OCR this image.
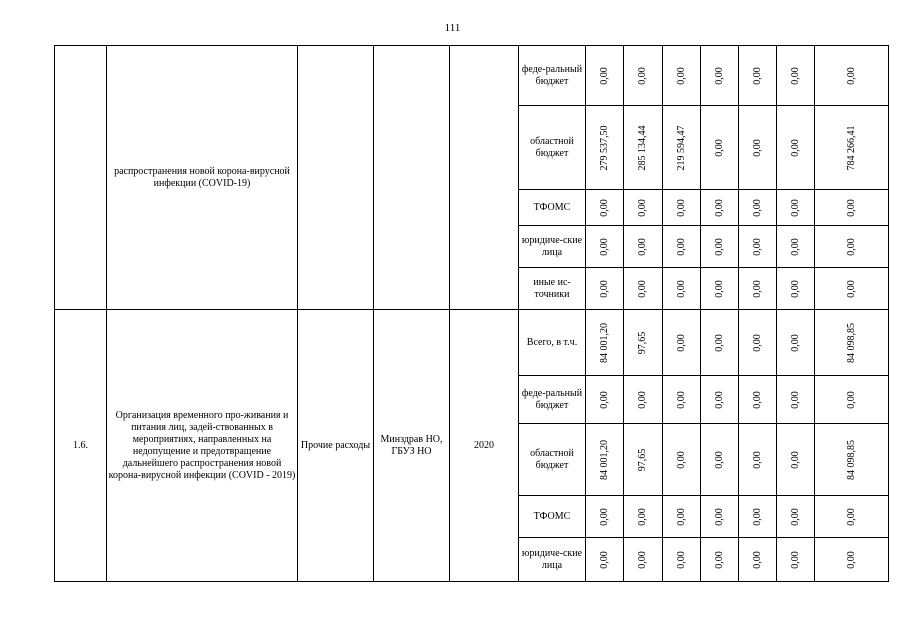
111
	распространения новой корона-вирусной инфекции (COVID-19)				феде-ральный бюджет	0,00	0,00	0,00	0,00	0,00	0,00	0,00

					областной бюджет	279 537,50	285 134,44	219 594,47	0,00	0,00	0,00	784 266,41

					ТФОМС	0,00	0,00	0,00	0,00	0,00	0,00	0,00

					юридиче-ские лица	0,00	0,00	0,00	0,00	0,00	0,00	0,00

					иные ис-точники	0,00	0,00	0,00	0,00	0,00	0,00	0,00

1.6.	Организация временного про-живания и питания лиц, задей-ствованных в мероприятиях, направленных на недопущение и предотвращение дальнейшего распространения новой корона-вирусной инфекции (COVID - 2019)	Прочие расходы	Минздрав НО, ГБУЗ НО	2020	Всего, в т.ч.	84 001,20	97,65	0,00	0,00	0,00	0,00	84 098,85

					феде-ральный бюджет	0,00	0,00	0,00	0,00	0,00	0,00	0,00

					областной бюджет	84 001,20	97,65	0,00	0,00	0,00	0,00	84 098,85

					ТФОМС	0,00	0,00	0,00	0,00	0,00	0,00	0,00

					юридиче-ские лица	0,00	0,00	0,00	0,00	0,00	0,00	0,00
